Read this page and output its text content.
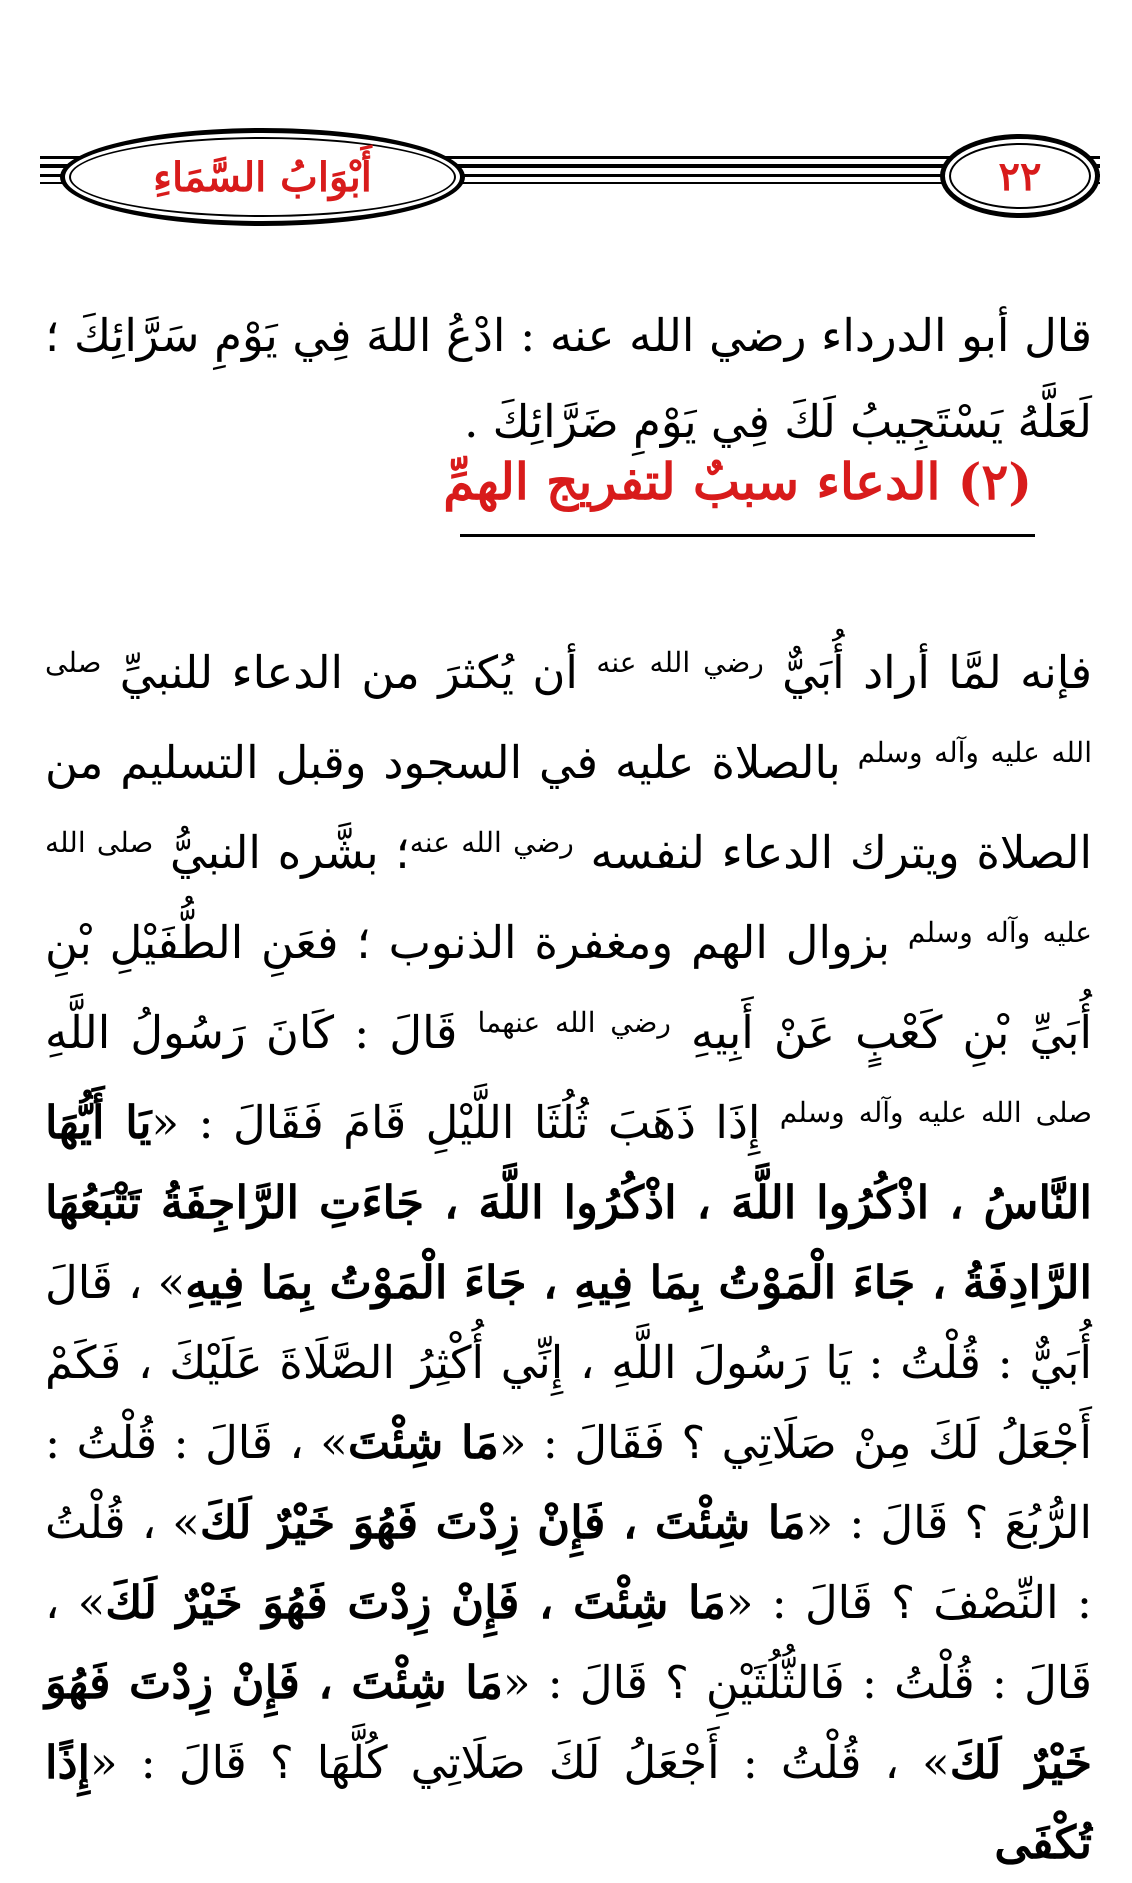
أَبْوَابُ السَّمَاءِ	٢٢

قال أبو الدرداء رضي الله عنه : ادْعُ اللهَ فِي يَوْمِ سَرَّائِكَ ؛ لَعَلَّهُ يَسْتَجِيبُ لَكَ فِي يَوْمِ ضَرَّائِكَ .

(٢) الدعاء سببٌ لتفريج الهمِّ

فإنه لمَّا أراد أُبَيٌّ $^{رضي الله عنه}$ أن يُكثرَ من الدعاء للنبيِّ $^{صلى الله عليه وآله وسلم}$ بالصلاة عليه في السجود وقبل التسليم من الصلاة ويترك الدعاء لنفسه $^{رضي الله عنه}$؛ بشَّره النبيُّ $^{صلى الله عليه وآله وسلم}$ بزوال الهم ومغفرة الذنوب ؛ فعَنِ الطُّفَيْلِ بْنِ أُبَيِّ بْنِ كَعْبٍ عَنْ أَبِيهِ $^{رضي الله عنهما}$ قَالَ : كَانَ رَسُولُ اللَّهِ $^{صلى الله عليه وآله وسلم}$ إِذَا ذَهَبَ ثُلُثَا اللَّيْلِ قَامَ فَقَالَ : «يَا أَيُّهَا النَّاسُ ، اذْكُرُوا اللَّهَ ، اذْكُرُوا اللَّهَ ، جَاءَتِ الرَّاجِفَةُ تَتْبَعُهَا الرَّادِفَةُ ، جَاءَ الْمَوْتُ بِمَا فِيهِ ، جَاءَ الْمَوْتُ بِمَا فِيهِ» ، قَالَ أُبَيٌّ : قُلْتُ : يَا رَسُولَ اللَّهِ ، إِنِّي أُكْثِرُ الصَّلَاةَ عَلَيْكَ ، فَكَمْ أَجْعَلُ لَكَ مِنْ صَلَاتِي ؟ فَقَالَ : «مَا شِئْتَ» ، قَالَ : قُلْتُ : الرُّبُعَ ؟ قَالَ : «مَا شِئْتَ ، فَإِنْ زِدْتَ فَهُوَ خَيْرٌ لَكَ» ، قُلْتُ : النِّصْفَ ؟ قَالَ : «مَا شِئْتَ ، فَإِنْ زِدْتَ فَهُوَ خَيْرٌ لَكَ» ، قَالَ : قُلْتُ : فَالثُّلُثَيْنِ ؟ قَالَ : «مَا شِئْتَ ، فَإِنْ زِدْتَ فَهُوَ خَيْرٌ لَكَ» ، قُلْتُ : أَجْعَلُ لَكَ صَلَاتِي كُلَّهَا ؟ قَالَ : «إِذًا تُكْفَى
